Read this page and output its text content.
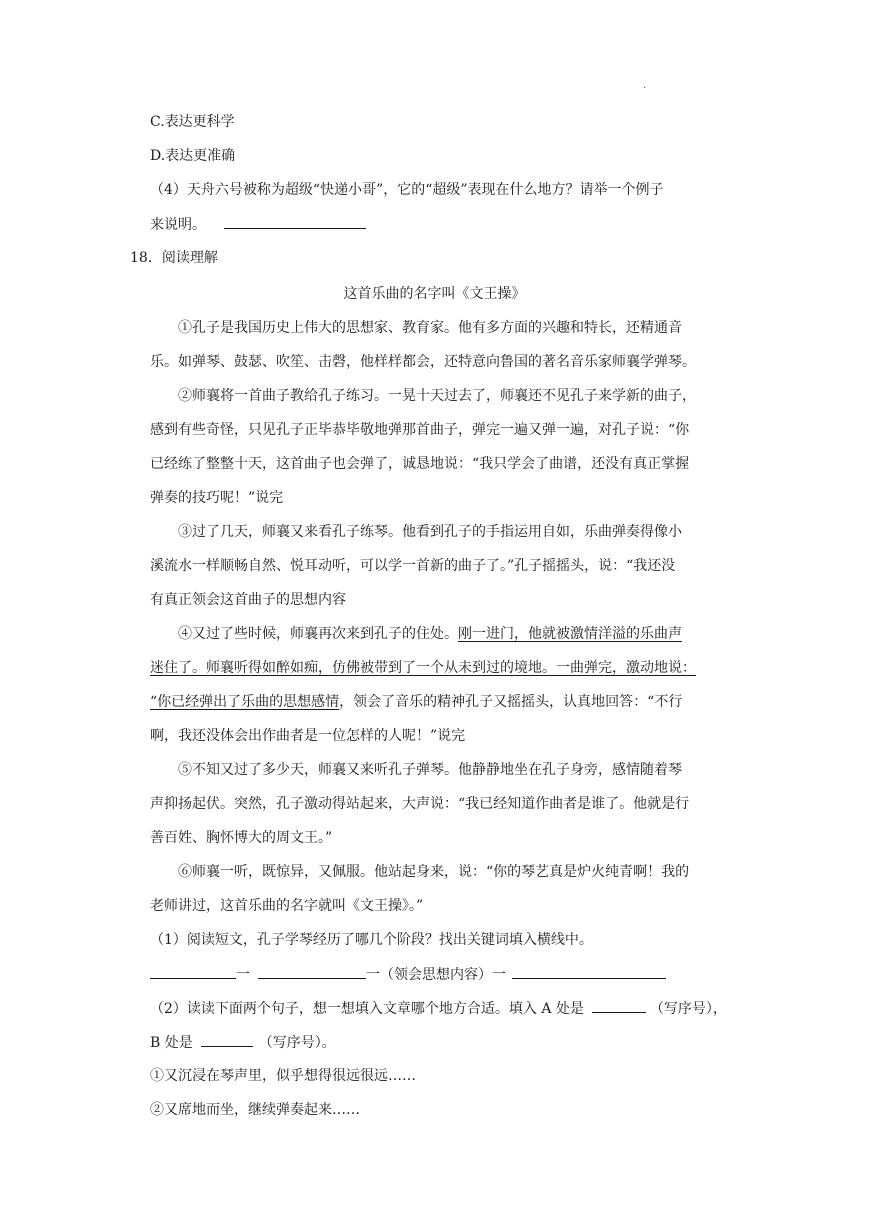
.
C.表达更科学
D.表达更准确
（4）天舟六号被称为超级“快递小哥”，它的“超级”表现在什么地方？请举一个例子
来说明。
18．阅读理解
这首乐曲的名字叫《文王操》
①孔子是我国历史上伟大的思想家、教育家。他有多方面的兴趣和特长，还精通音
乐。如弹琴、鼓瑟、吹笙、击磬，他样样都会，还特意向鲁国的著名音乐家师襄学弹琴。
②师襄将一首曲子教给孔子练习。一晃十天过去了，师襄还不见孔子来学新的曲子，
感到有些奇怪，只见孔子正毕恭毕敬地弹那首曲子，弹完一遍又弹一遍，对孔子说：“你
已经练了整整十天，这首曲子也会弹了，诚恳地说：“我只学会了曲谱，还没有真正掌握
弹奏的技巧呢！”说完
③过了几天，师襄又来看孔子练琴。他看到孔子的手指运用自如，乐曲弹奏得像小
溪流水一样顺畅自然、悦耳动听，可以学一首新的曲子了。”孔子摇摇头，说：“我还没
有真正领会这首曲子的思想内容
④又过了些时候，师襄再次来到孔子的住处。刚一进门，他就被激情洋溢的乐曲声
迷住了。师襄听得如醉如痴，仿佛被带到了一个从未到过的境地。一曲弹完，激动地说：
“你已经弹出了乐曲的思想感情，领会了音乐的精神孔子又摇摇头，认真地回答：“不行
啊，我还没体会出作曲者是一位怎样的人呢！”说完
⑤不知又过了多少天，师襄又来听孔子弹琴。他静静地坐在孔子身旁，感情随着琴
声抑扬起伏。突然，孔子激动得站起来，大声说：“我已经知道作曲者是谁了。他就是行
善百姓、胸怀博大的周文王。”
⑥师襄一听，既惊异，又佩服。他站起身来，说：“你的琴艺真是炉火纯青啊！我的
老师讲过，这首乐曲的名字就叫《文王操》。”
（1）阅读短文，孔子学琴经历了哪几个阶段？找出关键词填入横线中。
一	一（领会思想内容）一
（2）读读下面两个句子，想一想填入文章哪个地方合适。填入 A 处是	（写序号），
B 处是	（写序号）。
①又沉浸在琴声里，似乎想得很远很远……
②又席地而坐，继续弹奏起来……
